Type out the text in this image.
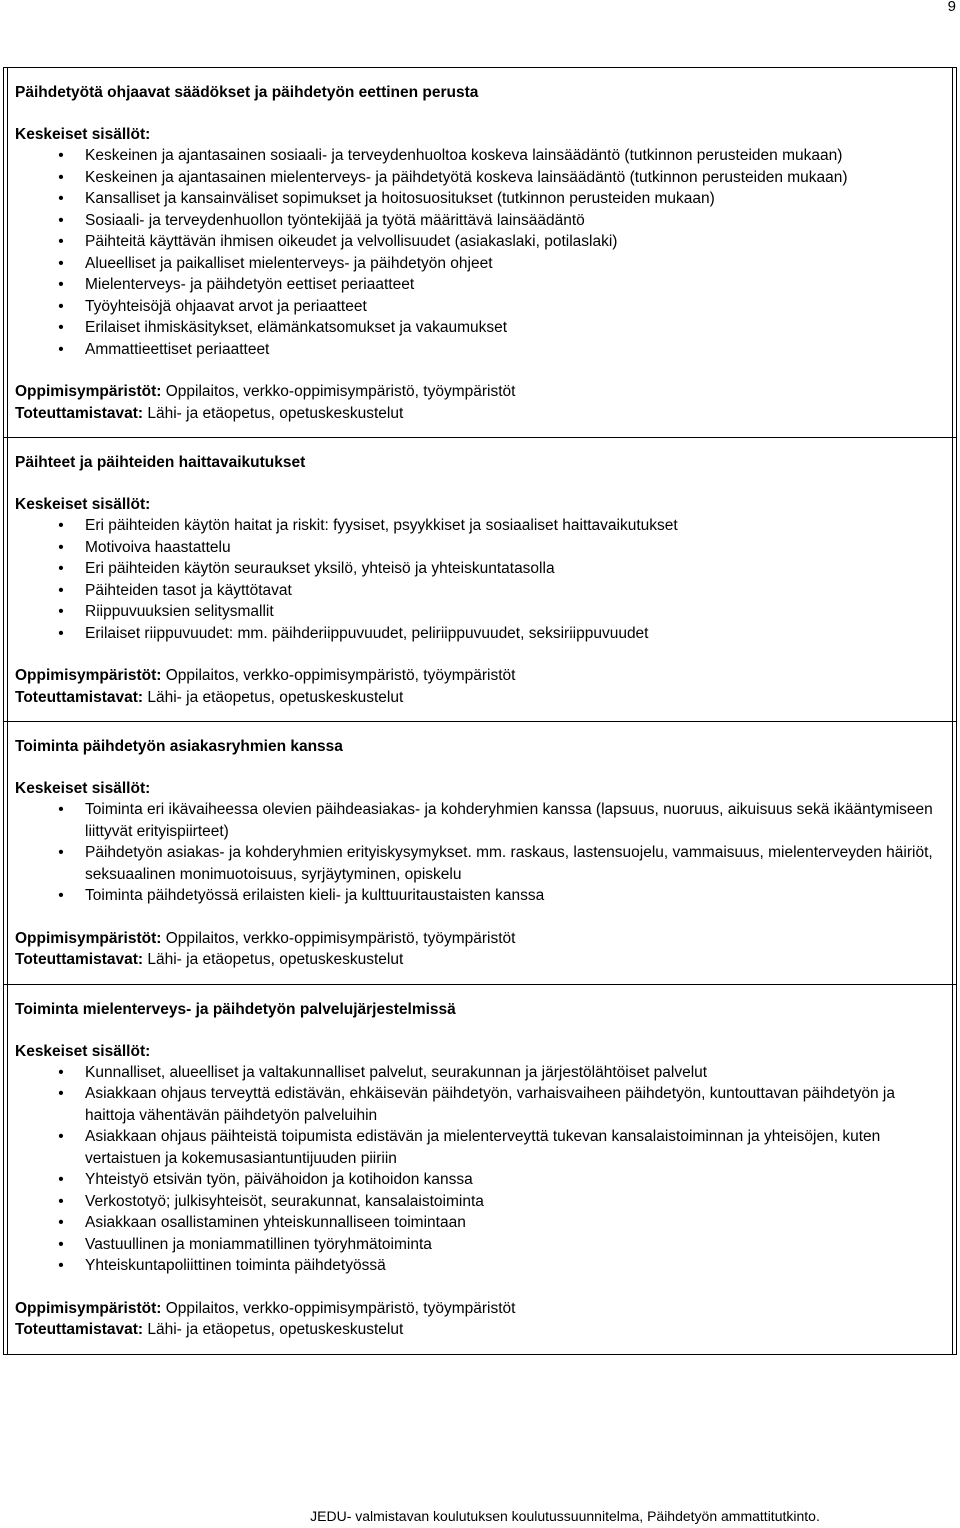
9

Päihdetyötä ohjaavat säädökset ja päihdetyön eettinen perusta

Keskeiset sisällöt:

• Keskeinen ja ajantasainen sosiaali- ja terveydenhuoltoa koskeva lainsäädäntö (tutkinnon perusteiden mukaan)
• Keskeinen ja ajantasainen mielenterveys- ja päihdetyötä koskeva lainsäädäntö (tutkinnon perusteiden mukaan)
• Kansalliset ja kansainväliset sopimukset ja hoitosuositukset (tutkinnon perusteiden mukaan)
• Sosiaali- ja terveydenhuollon työntekijää ja työtä määrittävä lainsäädäntö
• Päihteitä käyttävän ihmisen oikeudet ja velvollisuudet (asiakaslaki, potilaslaki)
• Alueelliset ja paikalliset mielenterveys- ja päihdetyön ohjeet
• Mielenterveys- ja päihdetyön eettiset periaatteet
• Työyhteisöjä ohjaavat arvot ja periaatteet
• Erilaiset ihmiskäsitykset, elämänkatsomukset ja vakaumukset
• Ammattieettiset periaatteet
Oppimisympäristöt: Oppilaitos, verkko-oppimisympäristö, työympäristöt
Toteuttamistavat: Lähi- ja etäopetus, opetuskeskustelut

Päihteet ja päihteiden haittavaikutukset

Keskeiset sisällöt:

• Eri päihteiden käytön haitat ja riskit: fyysiset, psyykkiset ja sosiaaliset haittavaikutukset
• Motivoiva haastattelu
• Eri päihteiden käytön seuraukset yksilö, yhteisö ja yhteiskuntatasolla
• Päihteiden tasot ja käyttötavat
• Riippuvuuksien selitysmallit
• Erilaiset riippuvuudet: mm. päihderiippuvuudet, peliriippuvuudet, seksiriippuvuudet
Oppimisympäristöt: Oppilaitos, verkko-oppimisympäristö, työympäristöt
Toteuttamistavat: Lähi- ja etäopetus, opetuskeskustelut

Toiminta päihdetyön asiakasryhmien kanssa

Keskeiset sisällöt:

• Toiminta eri ikävaiheessa olevien päihdeasiakas- ja kohderyhmien kanssa (lapsuus, nuoruus, aikuisuus sekä ikääntymiseen liittyvät erityispiirteet)
• Päihdetyön asiakas- ja kohderyhmien erityiskysymykset. mm. raskaus, lastensuojelu, vammaisuus, mielenterveyden häiriöt, seksuaalinen monimuotoisuus, syrjäytyminen, opiskelu
• Toiminta päihdetyössä erilaisten kieli- ja kulttuuritaustaisten kanssa
Oppimisympäristöt: Oppilaitos, verkko-oppimisympäristö, työympäristöt
Toteuttamistavat: Lähi- ja etäopetus, opetuskeskustelut

Toiminta mielenterveys- ja päihdetyön palvelujärjestelmissä

Keskeiset sisällöt:

• Kunnalliset, alueelliset ja valtakunnalliset palvelut, seurakunnan ja järjestölähtöiset palvelut
• Asiakkaan ohjaus terveyttä edistävän, ehkäisevän päihdetyön, varhaisvaiheen päihdetyön, kuntouttavan päihdetyön ja haittoja vähentävän päihdetyön palveluihin
• Asiakkaan ohjaus päihteistä toipumista edistävän ja mielenterveyttä tukevan kansalaistoiminnan ja yhteisöjen, kuten vertaistuen ja kokemusasiantuntijuuden piiriin
• Yhteistyö etsivän työn, päivähoidon ja kotihoidon kanssa
• Verkostotyö; julkisyhteisöt, seurakunnat, kansalaistoiminta
• Asiakkaan osallistaminen yhteiskunnalliseen toimintaan
• Vastuullinen ja moniammatillinen työryhmätoiminta
• Yhteiskuntapoliittinen toiminta päihdetyössä
Oppimisympäristöt: Oppilaitos, verkko-oppimisympäristö, työympäristöt
Toteuttamistavat: Lähi- ja etäopetus, opetuskeskustelut
JEDU- valmistavan koulutuksen koulutussuunnitelma, Päihdetyön ammattitutkinto.
